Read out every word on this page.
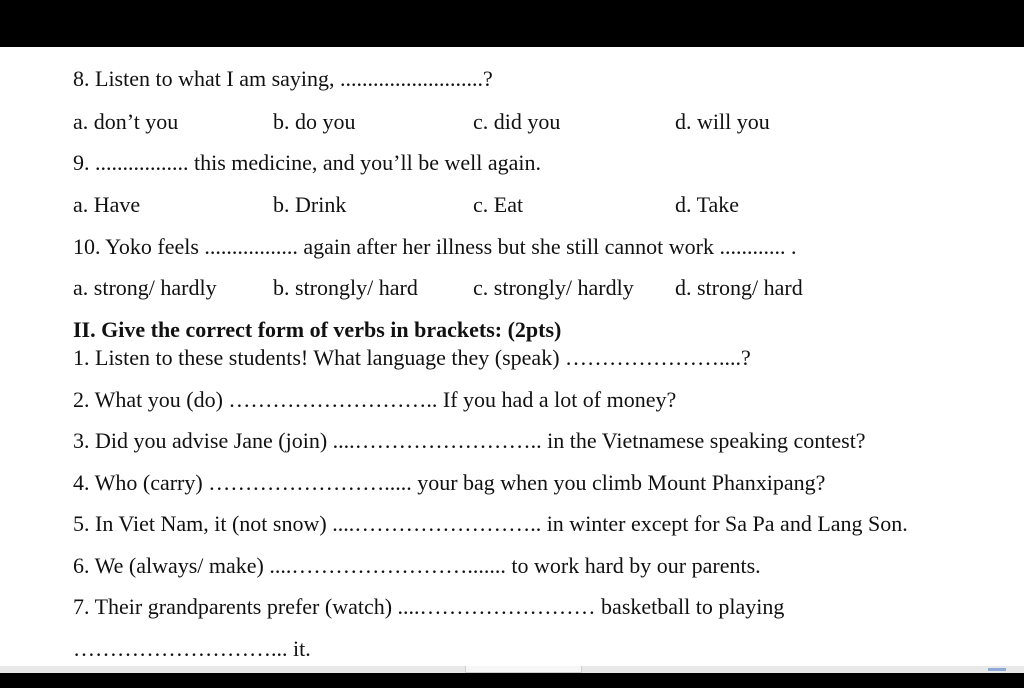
8. Listen to what I am saying, ..........................?
a. don’t you	b. do you	c. did you	d. will you
9. ................. this medicine, and you’ll be well again.
a. Have	b. Drink	c. Eat	d. Take
10. Yoko feels ................. again after her illness but she still cannot work ............ .
a. strong/ hardly	b. strongly/ hard	c. strongly/ hardly d. strong/ hard
II. Give the correct form of verbs in brackets: (2pts)
1. Listen to these students! What language they (speak) …………………....?
2. What you (do) ……………………….. If you had a lot of money?
3. Did you advise Jane (join) ....…………………….. in the Vietnamese speaking contest?
4. Who (carry) ……………………..... your bag when you climb Mount Phanxipang?
5. In Viet Nam, it (not snow) ....…………………….. in winter except for Sa Pa and Lang Son.
6. We (always/ make) ....……………………....... to work hard by our parents.
7. Their grandparents prefer (watch) ....…………………… basketball to playing
………………………... it.
